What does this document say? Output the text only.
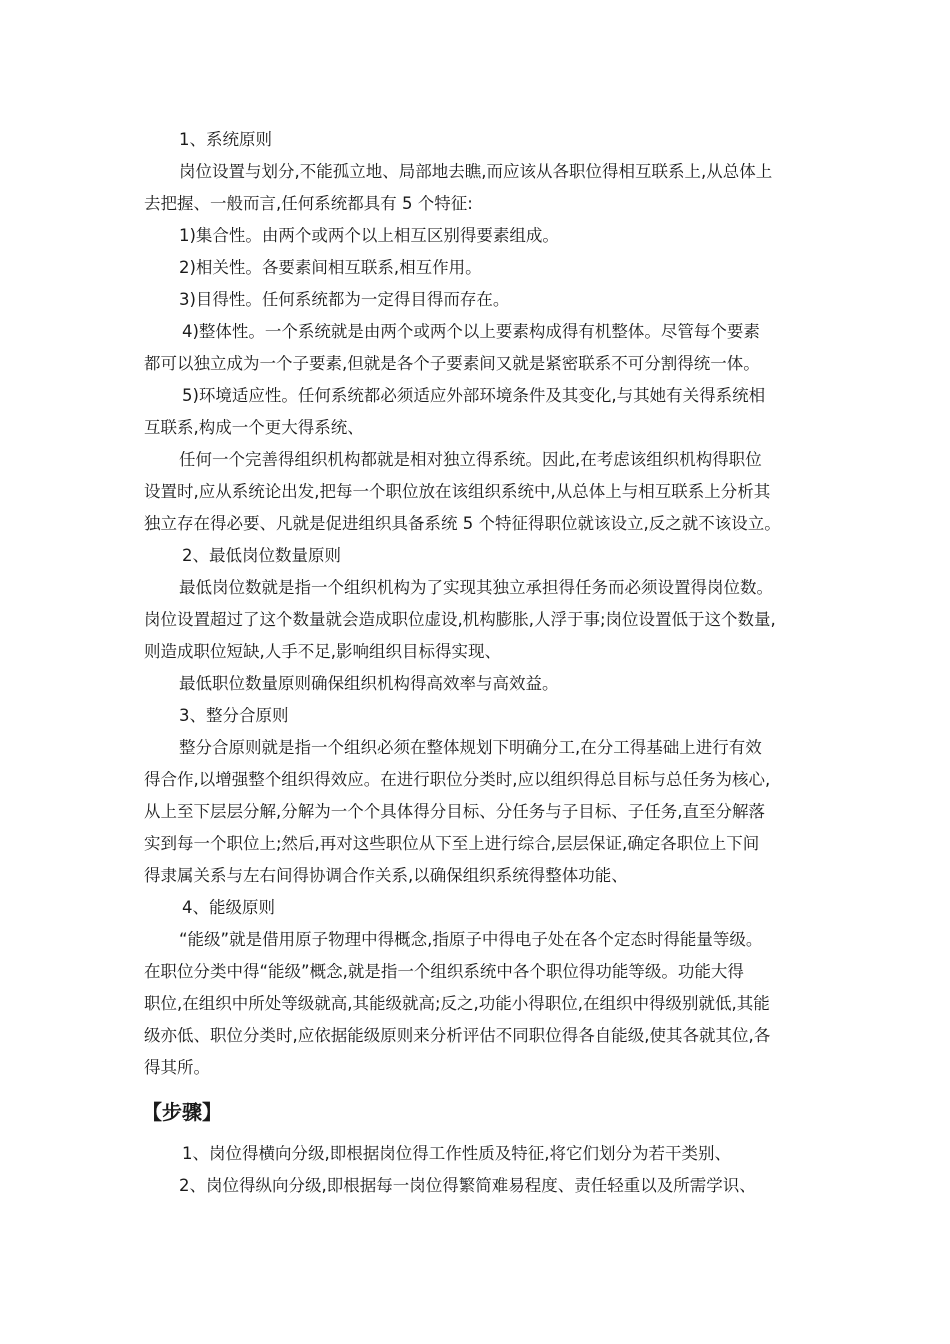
1、系统原则
岗位设置与划分,不能孤立地、局部地去瞧,而应该从各职位得相互联系上,从总体上
去把握、一般而言,任何系统都具有 5 个特征:
1)集合性。由两个或两个以上相互区别得要素组成。
2)相关性。各要素间相互联系,相互作用。
3)目得性。任何系统都为一定得目得而存在。
4)整体性。一个系统就是由两个或两个以上要素构成得有机整体。尽管每个要素
都可以独立成为一个子要素,但就是各个子要素间又就是紧密联系不可分割得统一体。
5)环境适应性。任何系统都必须适应外部环境条件及其变化,与其她有关得系统相
互联系,构成一个更大得系统、
任何一个完善得组织机构都就是相对独立得系统。因此,在考虑该组织机构得职位
设置时,应从系统论出发,把每一个职位放在该组织系统中,从总体上与相互联系上分析其
独立存在得必要、凡就是促进组织具备系统 5 个特征得职位就该设立,反之就不该设立。
2、最低岗位数量原则
最低岗位数就是指一个组织机构为了实现其独立承担得任务而必须设置得岗位数。
岗位设置超过了这个数量就会造成职位虚设,机构膨胀,人浮于事;岗位设置低于这个数量,
则造成职位短缺,人手不足,影响组织目标得实现、
最低职位数量原则确保组织机构得高效率与高效益。
3、整分合原则
整分合原则就是指一个组织必须在整体规划下明确分工,在分工得基础上进行有效
得合作,以增强整个组织得效应。在进行职位分类时,应以组织得总目标与总任务为核心,
从上至下层层分解,分解为一个个具体得分目标、分任务与子目标、子任务,直至分解落
实到每一个职位上;然后,再对这些职位从下至上进行综合,层层保证,确定各职位上下间
得隶属关系与左右间得协调合作关系,以确保组织系统得整体功能、
4、能级原则
“能级”就是借用原子物理中得概念,指原子中得电子处在各个定态时得能量等级。
在职位分类中得“能级”概念,就是指一个组织系统中各个职位得功能等级。功能大得
职位,在组织中所处等级就高,其能级就高;反之,功能小得职位,在组织中得级别就低,其能
级亦低、职位分类时,应依据能级原则来分析评估不同职位得各自能级,使其各就其位,各
得其所。
【步骤】
1、岗位得横向分级,即根据岗位得工作性质及特征,将它们划分为若干类别、
2、岗位得纵向分级,即根据每一岗位得繁简难易程度、责任轻重以及所需学识、
